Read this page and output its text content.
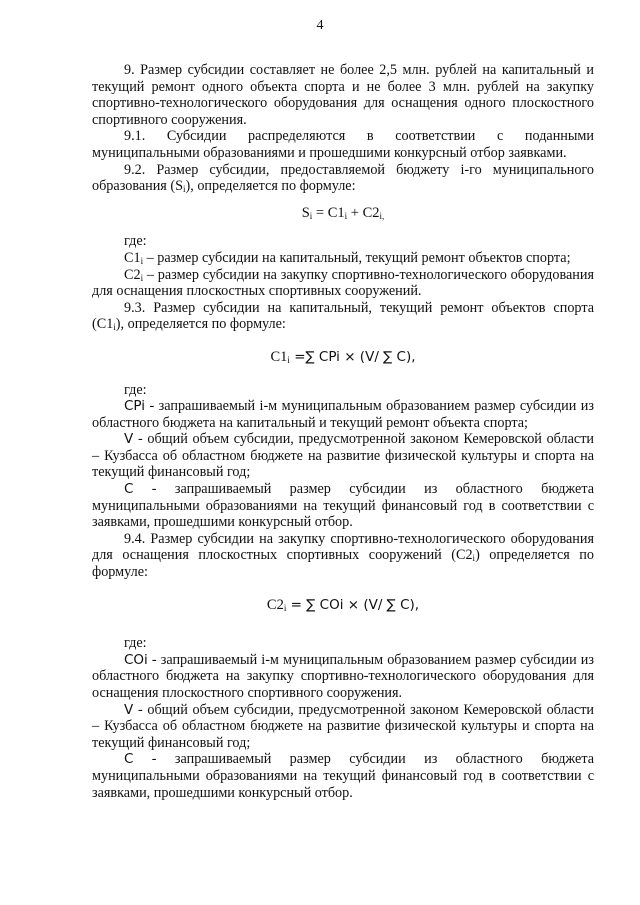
4

9. Размер субсидии составляет не более 2,5 млн. рублей на капитальный и текущий ремонт одного объекта спорта и не более 3 млн. рублей на закупку спортивно-технологического оборудования для оснащения одного плоскостного спортивного сооружения.

9.1. Субсидии распределяются в соответствии с поданными муниципальными образованиями и прошедшими конкурсный отбор заявками.

9.2. Размер субсидии, предоставляемой бюджету i-го муниципального образования $(S_i)$, определяется по формуле:

$S_i = C1_i + C2_{i,}$

где:

$C1_i$ – размер субсидии на капитальный, текущий ремонт объектов спорта;

$C2_i$ – размер субсидии на закупку спортивно-технологического оборудования для оснащения плоскостных спортивных сооружений.

9.3. Размер субсидии на капитальный, текущий ремонт объектов спорта $(C1_i)$, определяется по формуле:

$C1_i$ =∑ CPi × (V/ ∑ C),

где:

CPi - запрашиваемый i-м муниципальным образованием размер субсидии из областного бюджета на капитальный и текущий ремонт объекта спорта;

V - общий объем субсидии, предусмотренной законом Кемеровской области – Кузбасса об областном бюджете на развитие физической культуры и спорта на текущий финансовый год;

C - запрашиваемый размер субсидии из областного бюджета муниципальными образованиями на текущий финансовый год в соответствии с заявками, прошедшими конкурсный отбор.

9.4. Размер субсидии на закупку спортивно-технологического оборудования для оснащения плоскостных спортивных сооружений $(C2_i)$ определяется по формуле:

$C2_i$ = ∑ COi × (V/ ∑ C),

где:

COi - запрашиваемый i-м муниципальным образованием размер субсидии из областного бюджета на закупку спортивно-технологического оборудования для оснащения плоскостного спортивного сооружения.

V - общий объем субсидии, предусмотренной законом Кемеровской области – Кузбасса об областном бюджете на развитие физической культуры и спорта на текущий финансовый год;

C - запрашиваемый размер субсидии из областного бюджета муниципальными образованиями на текущий финансовый год в соответствии с заявками, прошедшими конкурсный отбор.
